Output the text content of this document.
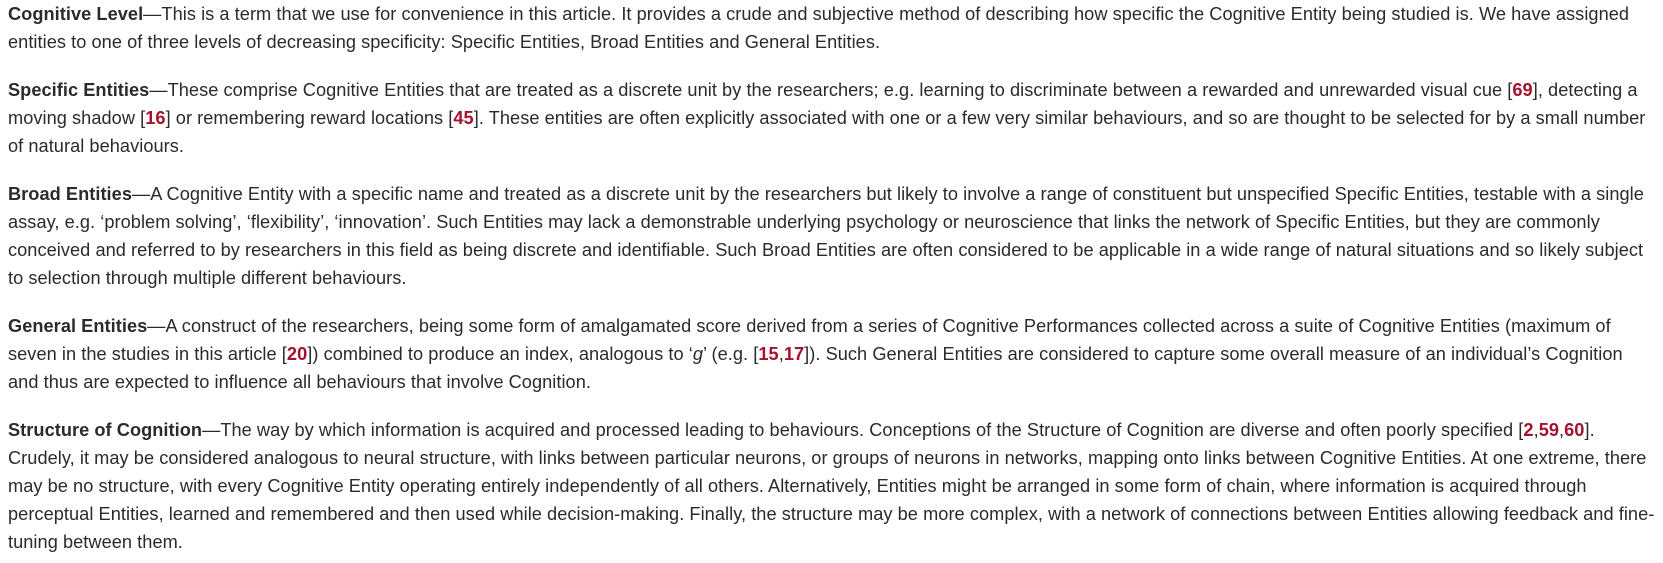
Cognitive Level—This is a term that we use for convenience in this article. It provides a crude and subjective method of describing how specific the Cognitive Entity being studied is. We have assigned entities to one of three levels of decreasing specificity: Specific Entities, Broad Entities and General Entities.

Specific Entities—These comprise Cognitive Entities that are treated as a discrete unit by the researchers; e.g. learning to discriminate between a rewarded and unrewarded visual cue [69], detecting a moving shadow [16] or remembering reward locations [45]. These entities are often explicitly associated with one or a few very similar behaviours, and so are thought to be selected for by a small number of natural behaviours.

Broad Entities—A Cognitive Entity with a specific name and treated as a discrete unit by the researchers but likely to involve a range of constituent but unspecified Specific Entities, testable with a single assay, e.g. ‘problem solving’, ‘flexibility’, ‘innovation’. Such Entities may lack a demonstrable underlying psychology or neuroscience that links the network of Specific Entities, but they are commonly conceived and referred to by researchers in this field as being discrete and identifiable. Such Broad Entities are often considered to be applicable in a wide range of natural situations and so likely subject to selection through multiple different behaviours.

General Entities—A construct of the researchers, being some form of amalgamated score derived from a series of Cognitive Performances collected across a suite of Cognitive Entities (maximum of seven in the studies in this article [20]) combined to produce an index, analogous to ‘g’ (e.g. [15,17]). Such General Entities are considered to capture some overall measure of an individual’s Cognition and thus are expected to influence all behaviours that involve Cognition.

Structure of Cognition—The way by which information is acquired and processed leading to behaviours. Conceptions of the Structure of Cognition are diverse and often poorly specified [2,59,60]. Crudely, it may be considered analogous to neural structure, with links between particular neurons, or groups of neurons in networks, mapping onto links between Cognitive Entities. At one extreme, there may be no structure, with every Cognitive Entity operating entirely independently of all others. Alternatively, Entities might be arranged in some form of chain, where information is acquired through perceptual Entities, learned and remembered and then used while decision-making. Finally, the structure may be more complex, with a network of connections between Entities allowing feedback and fine-tuning between them.
